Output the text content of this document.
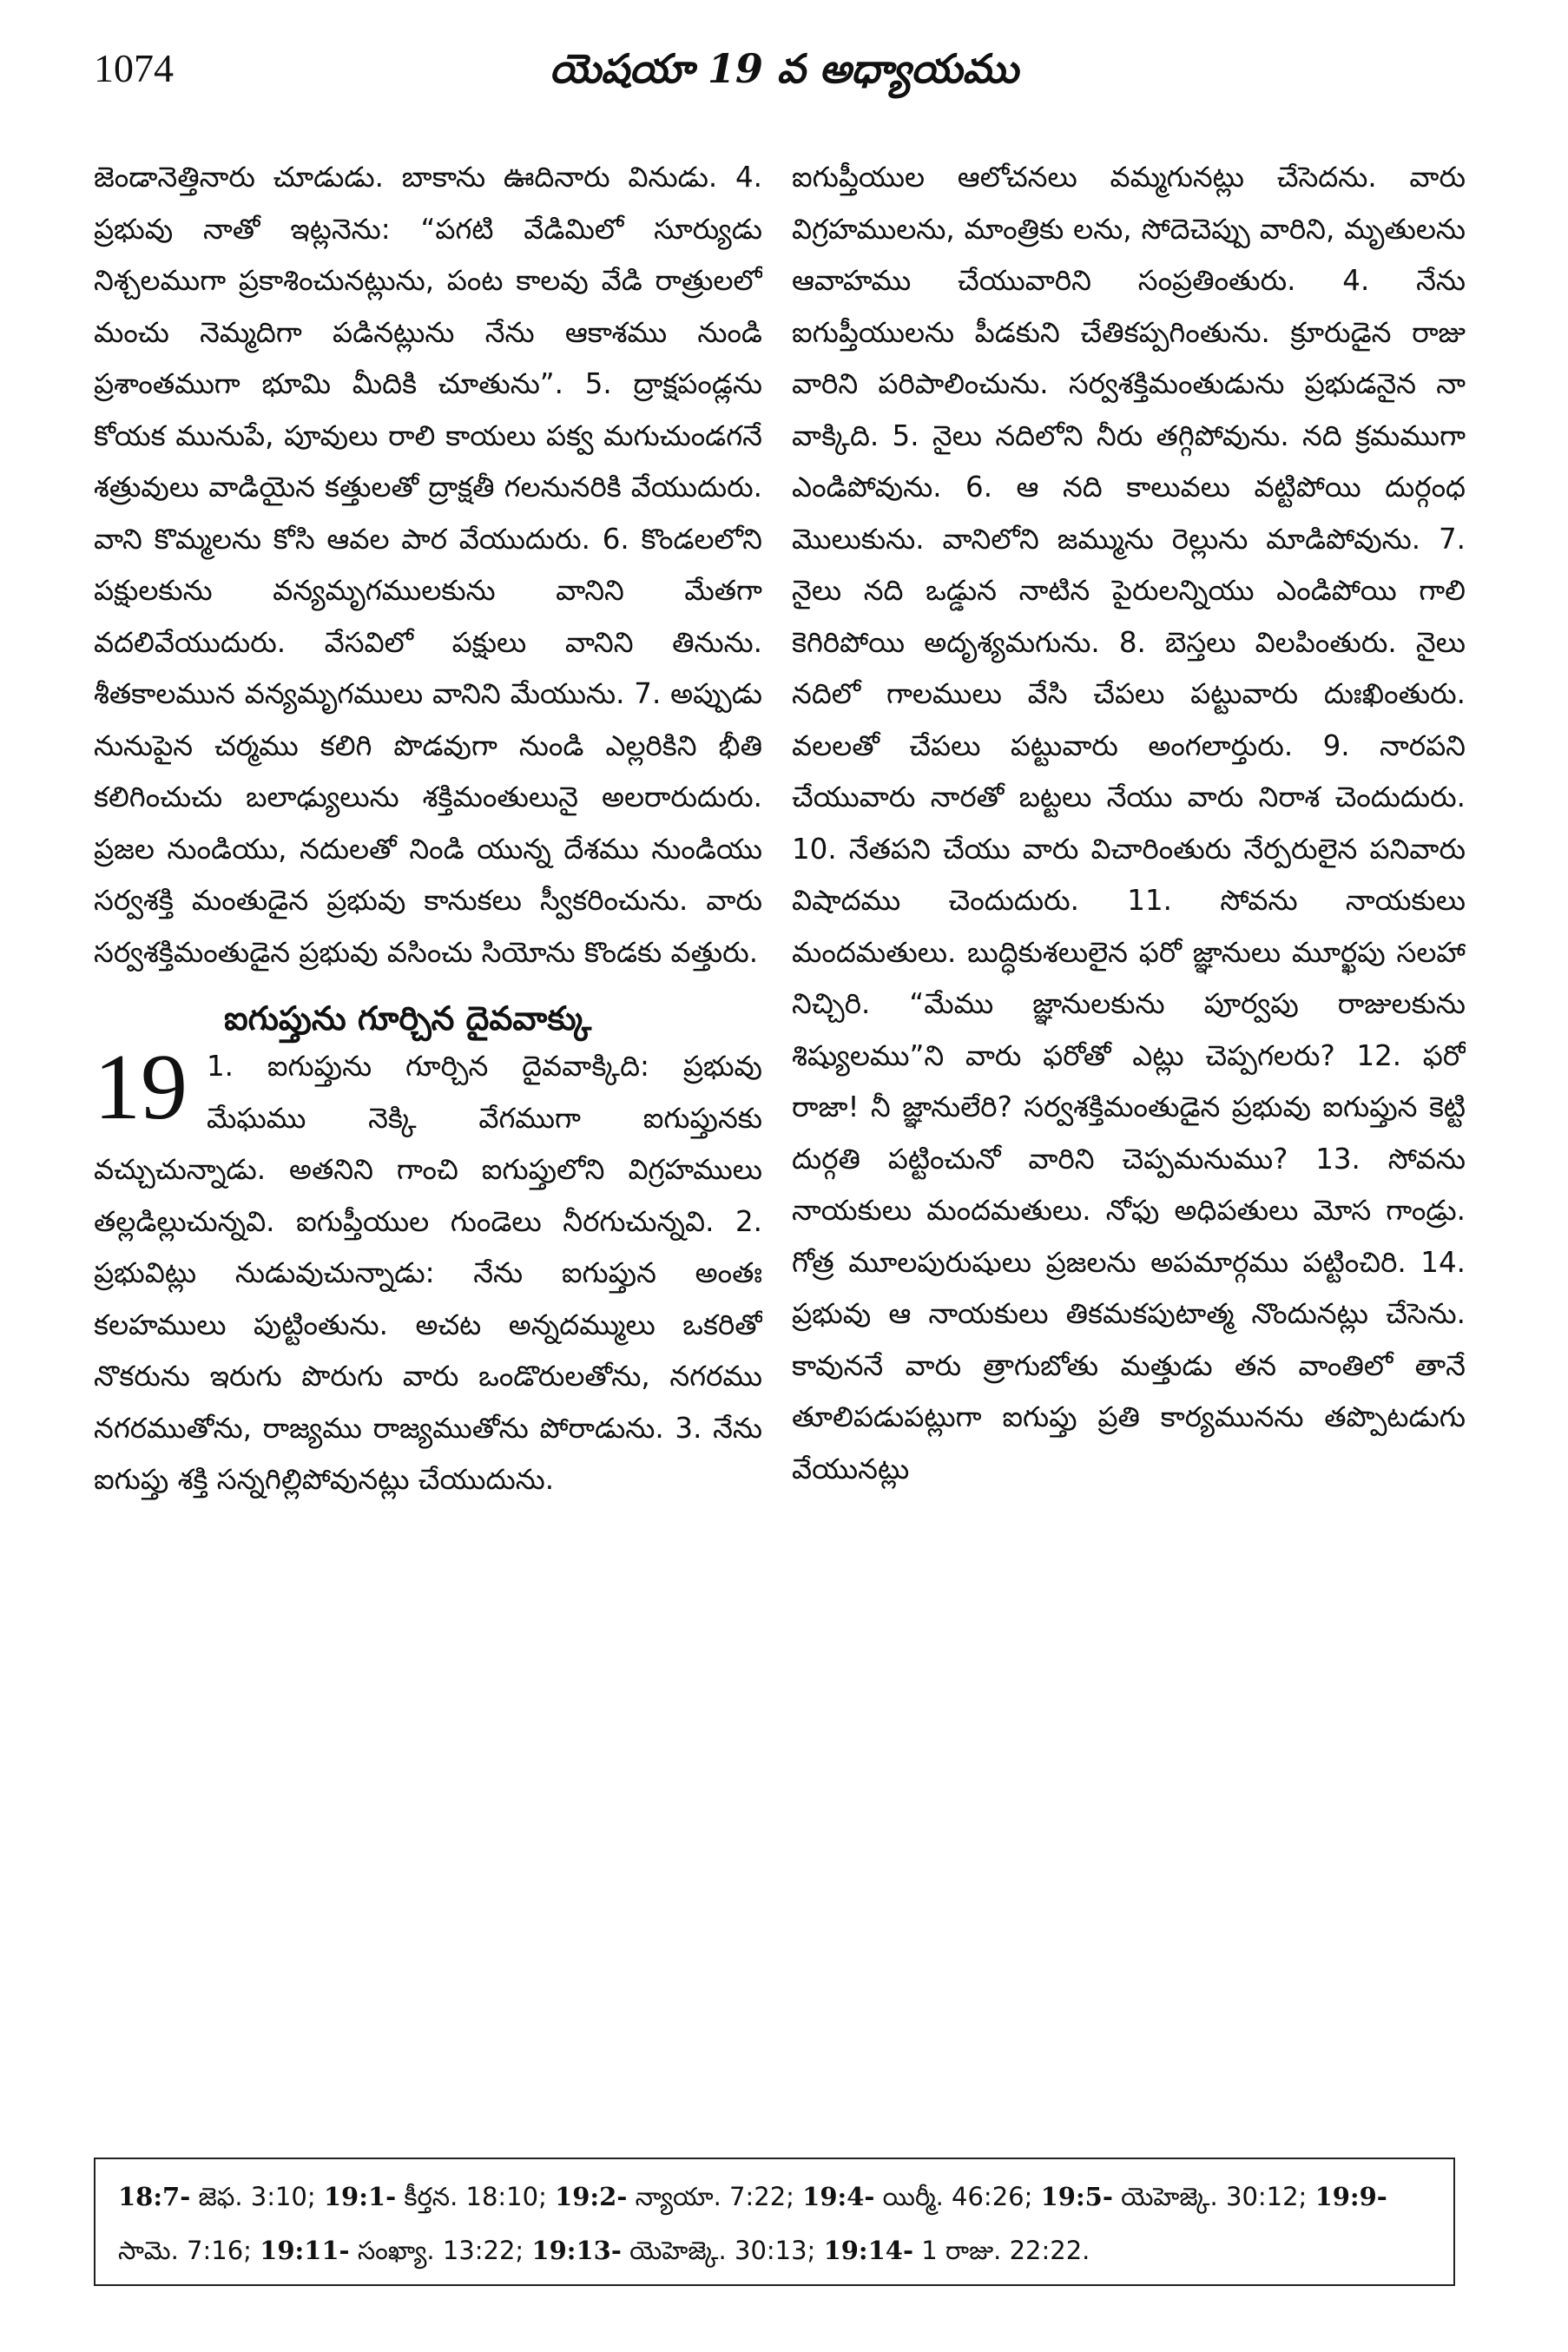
1074	యెషయా 19 వ అధ్యాయము

జెండానెత్తినారు చూడుడు. బాకాను ఊదినారు వినుడు. 4. ప్రభువు నాతో ఇట్లనెను: “పగటి వేడిమిలో సూర్యుడు నిశ్చలముగా ప్రకాశించునట్లును, పంట కాలవు వేడి రాత్రులలో మంచు నెమ్మదిగా పడినట్లును నేను ఆకాశము నుండి ప్రశాంతముగా భూమి మీదికి చూతును”. 5. ద్రాక్షపండ్లను కోయక మునుపే, పూవులు రాలి కాయలు పక్వ మగుచుండగనే శత్రువులు వాడియైన కత్తులతో ద్రాక్షతీ గలనునరికి వేయుదురు. వాని కొమ్మలను కోసి ఆవల పార వేయుదురు. 6. కొండలలోని పక్షులకును వన్యమృగములకును వానిని మేతగా వదలివేయుదురు. వేసవిలో పక్షులు వానిని తినును. శీతకాలమున వన్యమృగములు వానిని మేయును. 7. అప్పుడు నునుపైన చర్మము కలిగి పొడవుగా నుండి ఎల్లరికిని భీతి కలిగించుచు బలాఢ్యులును శక్తిమంతులునై అలరారుదురు. ప్రజల నుండియు, నదులతో నిండి యున్న దేశము నుండియు సర్వశక్తి మంతుడైన ప్రభువు కానుకలు స్వీకరించును. వారు సర్వశక్తిమంతుడైన ప్రభువు వసించు సియోను కొండకు వత్తురు.

ఐగుప్తును గూర్చిన దైవవాక్కు
19 1. ఐగుప్తును గూర్చిన దైవవాక్కిది: ప్రభువు మేఘము నెక్కి వేగముగా ఐగుప్తునకు వచ్చుచున్నాడు. అతనిని గాంచి ఐగుప్తులోని విగ్రహములు తల్లడిల్లుచున్నవి. ఐగుప్తీయుల గుండెలు నీరగుచున్నవి. 2. ప్రభువిట్లు నుడువుచున్నాడు: నేను ఐగుప్తున అంతః కలహములు పుట్టింతును. అచట అన్నదమ్ములు ఒకరితో నొకరును ఇరుగు పొరుగు వారు ఒండొరులతోను, నగరము నగరముతోను, రాజ్యము రాజ్యముతోను పోరాడును. 3. నేను ఐగుప్తు శక్తి సన్నగిల్లిపోవునట్లు చేయుదును.

ఐగుప్తీయుల ఆలోచనలు వమ్మగునట్లు చేసెదను. వారు విగ్రహములను, మాంత్రికు లను, సోదెచెప్పు వారిని, మృతులను ఆవాహము చేయువారిని సంప్రతింతురు. 4. నేను ఐగుప్తీయులను పీడకుని చేతికప్పగింతును. క్రూరుడైన రాజు వారిని పరిపాలించును. సర్వశక్తిమంతుడును ప్రభుడనైన నా వాక్కిది. 5. నైలు నదిలోని నీరు తగ్గిపోవును. నది క్రమముగా ఎండిపోవును. 6. ఆ నది కాలువలు వట్టిపోయి దుర్గంధ మొలుకును. వానిలోని జమ్మును రెల్లును మాడిపోవును. 7. నైలు నది ఒడ్డున నాటిన పైరులన్నియు ఎండిపోయి గాలి కెగిరిపోయి అదృశ్యమగును. 8. బెస్తలు విలపింతురు. నైలు నదిలో గాలములు వేసి చేపలు పట్టువారు దుఃఖింతురు. వలలతో చేపలు పట్టువారు అంగలార్తురు. 9. నారపని చేయువారు నారతో బట్టలు నేయు వారు నిరాశ చెందుదురు. 10. నేతపని చేయు వారు విచారింతురు నేర్పరులైన పనివారు విషాదము చెందుదురు. 11. సోవను నాయకులు మందమతులు. బుద్ధికుశలులైన ఫరో జ్ఞానులు మూర్ఖపు సలహా నిచ్చిరి. “మేము జ్ఞానులకును పూర్వపు రాజులకును శిష్యులము”ని వారు ఫరోతో ఎట్లు చెప్పగలరు? 12. ఫరో రాజా! నీ జ్ఞానులేరి? సర్వశక్తిమంతుడైన ప్రభువు ఐగుప్తున కెట్టి దుర్గతి పట్టించునో వారిని చెప్పమనుము? 13. సోవను నాయకులు మందమతులు. నోఫు అధిపతులు మోస గాండ్రు. గోత్ర మూలపురుషులు ప్రజలను అపమార్గము పట్టించిరి. 14. ప్రభువు ఆ నాయకులు తికమకపుటాత్మ నొందునట్లు చేసెను. కావుననే వారు త్రాగుబోతు మత్తుడు తన వాంతిలో తానే తూలిపడుపట్లుగా ఐగుప్తు ప్రతి కార్యమునను తప్పొటడుగు వేయునట్లు

18:7- జెఫ. 3:10; 19:1- కీర్తన. 18:10; 19:2- న్యాయా. 7:22; 19:4- యిర్మీ. 46:26; 19:5- యెహెజ్కె. 30:12; 19:9- సామె. 7:16; 19:11- సంఖ్యా. 13:22; 19:13- యెహెజ్కె. 30:13; 19:14- 1 రాజు. 22:22.
